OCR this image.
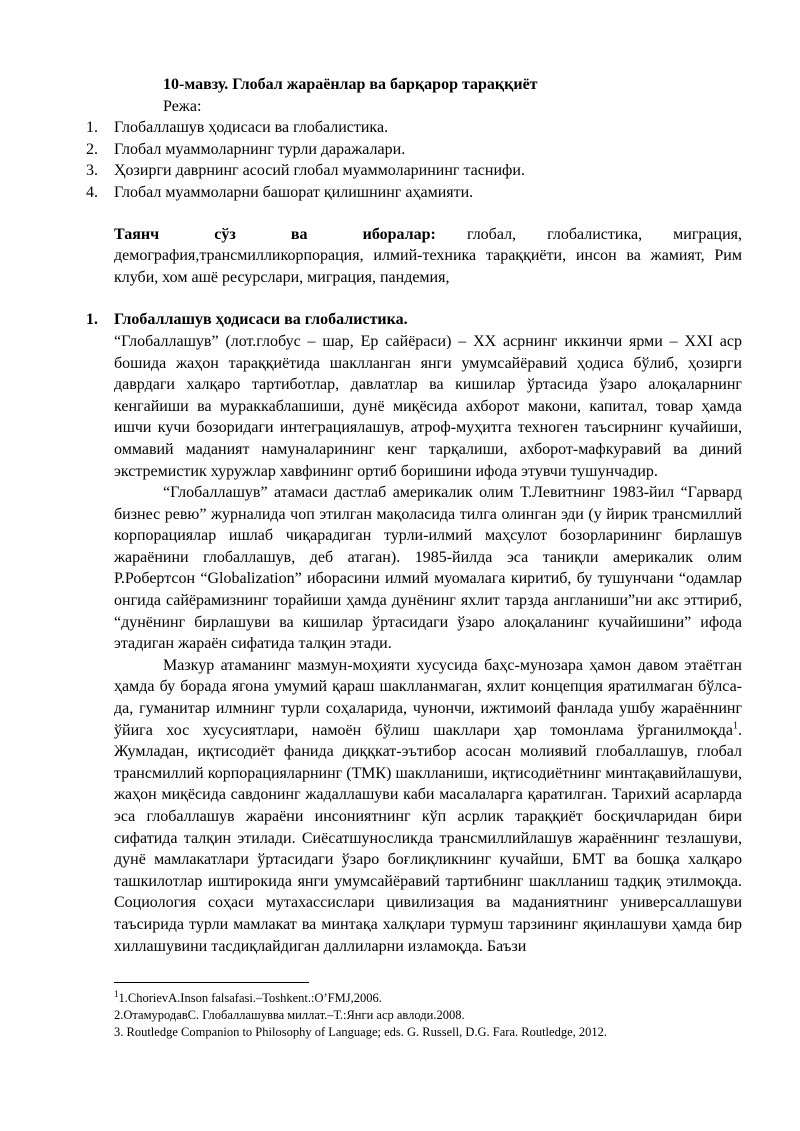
10-мавзу. Глобал жараёнлар ва барқарор тараққиёт
Режа:
1. Глобаллашув ҳодисаси ва глобалистика.
2. Глобал муаммоларнинг турли даражалари.
3. Ҳозирги даврнинг асосий глобал муаммоларининг таснифи.
4. Глобал муаммоларни башорат қилишнинг аҳамияти.

Таянч сўз ва иборалар: глобал, глобалистика, миграция, демография,трансмилликорпорация, илмий-техника тараққиёти, инсон ва жамият, Рим клуби, хом ашё ресурслари, миграция, пандемия,

1. Глобаллашув ҳодисаси ва глобалистика.

“Глобаллашув” (лот.глобус – шар, Ер сайёраси) – XX асрнинг иккинчи ярми – XXI аср бошида жаҳон тараққиётида шаклланган янги умумсайёравий ҳодиса бўлиб, ҳозирги даврдаги халқаро тартиботлар, давлатлар ва кишилар ўртасида ўзаро алоқаларнинг кенгайиши ва мураккаблашиши, дунё миқёсида ахборот макони, капитал, товар ҳамда ишчи кучи бозоридаги интеграциялашув, атроф-муҳитга техноген таъсирнинг кучайиши, оммавий маданият намуналарининг кенг тарқалиши, ахборот-мафкуравий ва диний экстремистик хуружлар хавфининг ортиб боришини ифода этувчи тушунчадир.

“Глобаллашув” атамаси дастлаб америкалик олим Т.Левитнинг 1983-йил “Гарвард бизнес ревю” журналида чоп этилган мақоласида тилга олинган эди (у йирик трансмиллий корпорациялар ишлаб чиқарадиган турли-илмий маҳсулот бозорларининг бирлашув жараёнини глобаллашув, деб атаган). 1985-йилда эса таниқли америкалик олим Р.Робертсон “Globalization” иборасини илмий муомалага киритиб, бу тушунчани “одамлар онгида сайёрамизнинг торайиши ҳамда дунёнинг яхлит тарзда англаниши”ни акс эттириб, “дунёнинг бирлашуви ва кишилар ўртасидаги ўзаро алоқаланинг кучайишини” ифода этадиган жараён сифатида талқин этади.

Мазкур атаманинг мазмун-моҳияти хусусида баҳс-мунозара ҳамон давом этаётган ҳамда бу борада ягона умумий қараш шаклланмаган, яхлит концепция яратилмаган бўлса-да, гуманитар илмнинг турли соҳаларида, чунончи, ижтимоий фанлада ушбу жараённинг ўйига хос хусусиятлари, намоён бўлиш шакллари ҳар томонлама ўрганилмоқда$^1$. Жумладан, иқтисодиёт фанида диққкат-эътибор асосан молиявий глобаллашув, глобал трансмиллий корпорацияларнинг (ТМК) шаклланиши, иқтисодиётнинг минтақавийлашуви, жаҳон миқёсида савдонинг жадаллашуви каби масалаларга қаратилган. Тарихий асарларда эса глобаллашув жараёни инсониятнинг кўп асрлик тараққиёт босқичларидан бири сифатида талқин этилади. Сиёсатшуносликда трансмиллийлашув жараённинг тезлашуви, дунё мамлакатлари ўртасидаги ўзаро боғлиқликнинг кучайши, БМТ ва бошқа халқаро ташкилотлар иштирокида янги умумсайёравий тартибнинг шаклланиш тадқиқ этилмоқда. Социология соҳаси мутахассислари цивилизация ва маданиятнинг универсаллашуви таъсирида турли мамлакат ва минтақа халқлари турмуш тарзининг яқинлашуви ҳамда бир хиллашувини тасдиқлайдиган даллиларни изламоқда. Баъзи

$^1$1.ChorievA.Inson falsafasi.–Toshkent.:O’FMJ,2006.
2.ОтамуродавС. Глобаллашувва миллат.–Т.:Янги аср авлоди.2008.
3. Routledge Companion to Philosophy of Language; eds. G. Russell, D.G. Fara. Routledge, 2012.
